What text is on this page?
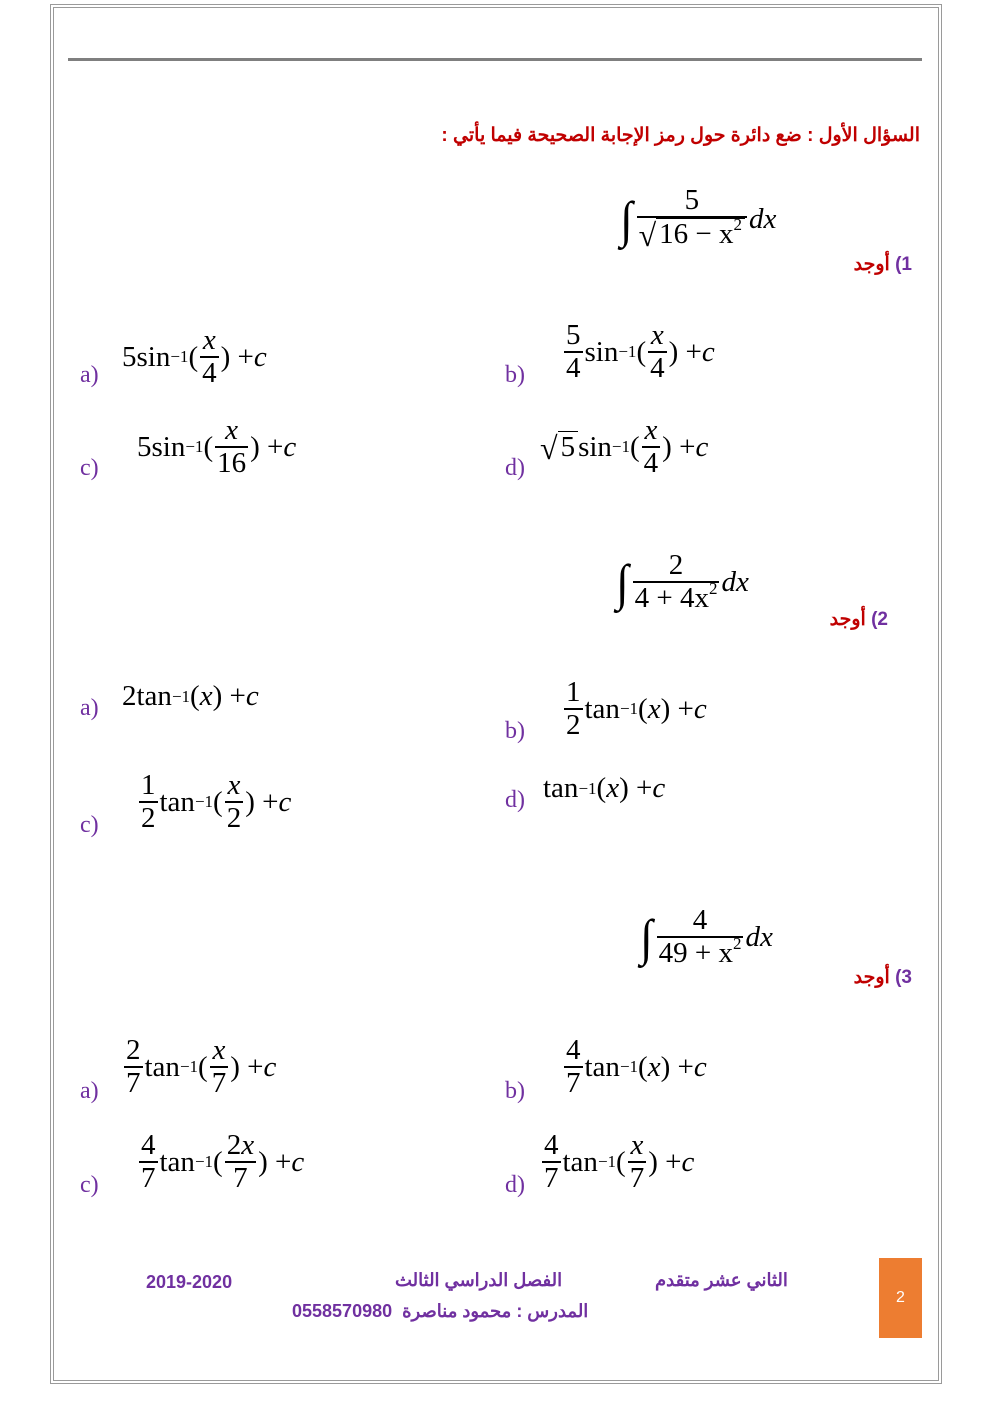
السؤال الأول : ضع دائرة حول رمز الإجابة الصحيحة فيما يأتي :
1) أوجد
∫ $\frac{5}{√ 16 - x^2}$ dx
a)
5sin −1 ( $\frac{x}{4}$ ) + c
$b) \frac{5}{4}$ sin −1 ( $\frac{x}{4}$ ) + c
c)
5sin −1 ( $\frac{x}{16}$ ) + c
d)
√ 5 sin −1 ( $\frac{x}{4}$ ) + c
2) أوجد
∫ $\frac{2}{4 + 4x^2}$ dx
a) 2tan −1 ( x ) + c
$b) \frac{1}{2}$ tan −1 ( x ) + c
$c) \frac{1}{2}$ tan −1 ( $\frac{x}{2}$ ) + c	d) tan −1 ( x ) + c
3) أوجد
∫ $\frac{4}{49 + x^2}$ dx
$a) \frac{2}{7}$ tan −1 ( $\frac{x}{7}$ ) + c
$b) \frac{4}{7}$ tan −1 ( x ) + c
$c) \frac{4}{7}$ tan −1 ( $\frac{2x}{7}$ ) + c
$d) \frac{4}{7}$ tan −1 ( $\frac{x}{7}$ ) + c
الثاني عشر متقدم
الفصل الدراسي الثالث
2019-2020
0558570980 المدرس : محمود مناصرة
2
